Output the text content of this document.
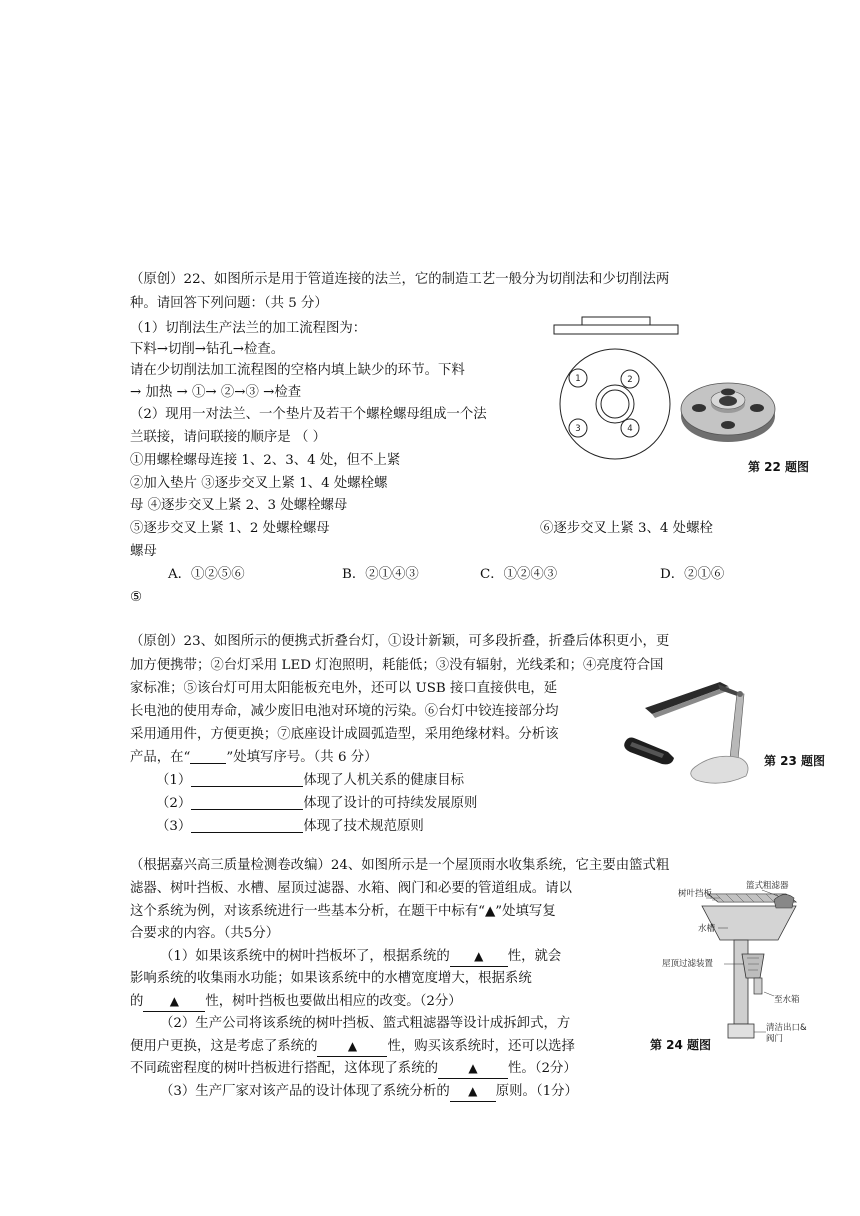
（原创）22、如图所示是用于管道连接的法兰，它的制造工艺一般分为切削法和少切削法两
种。请回答下列问题：（共 5 分）
（1）切削法生产法兰的加工流程图为：
下料→切削→钻孔→检查。
请在少切削法加工流程图的空格内填上缺少的环节。下料
→ 加热 → ①→ ②→③ →检查
（2）现用一对法兰、一个垫片及若干个螺栓螺母组成一个法
兰联接，请问联接的顺序是 （ ）
①用螺栓螺母连接 1、2、3、4 处，但不上紧
②加入垫片 ③逐步交叉上紧 1、4 处螺栓螺
母 ④逐步交叉上紧 2、3 处螺栓螺母
⑤逐步交叉上紧 1、2 处螺栓螺母	⑥逐步交叉上紧 3、4 处螺栓
螺母
A．①②⑤⑥	B．②①④③	C．①②④③	D．②①⑥
⑤
1	2
3	4
第 22 题图
（原创）23、如图所示的便携式折叠台灯，①设计新颖，可多段折叠，折叠后体积更小，更
加方便携带；②台灯采用 LED 灯泡照明，耗能低；③没有辐射，光线柔和；④亮度符合国
家标准；⑤该台灯可用太阳能板充电外，还可以 USB 接口直接供电，延
长电池的使用寿命，减少废旧电池对环境的污染。⑥台灯中铰连接部分均
采用通用件，方便更换；⑦底座设计成圆弧造型，采用绝缘材料。分析该
产品，在“	”处填写序号。（共 6 分）
（1）	体现了人机关系的健康目标
（2）	体现了设计的可持续发展原则
（3）	体现了技术规范原则
第 23 题图
（根据嘉兴高三质量检测卷改编）24、如图所示是一个屋顶雨水收集系统，它主要由篮式粗
滤器、树叶挡板、水槽、屋顶过滤器、水箱、阀门和必要的管道组成。请以
这个系统为例，对该系统进行一些基本分析，在题干中标有“▲”处填写复
合要求的内容。（共5分）
（1）如果该系统中的树叶挡板坏了，根据系统的 ▲ 性，就会
影响系统的收集雨水功能；如果该系统中的水槽宽度增大，根据系统
的 ▲ 性，树叶挡板也要做出相应的改变。（2分）
（2）生产公司将该系统的树叶挡板、篮式粗滤器等设计成拆卸式，方
便用户更换，这是考虑了系统的	▲ 性，购买该系统时，还可以选择
不同疏密程度的树叶挡板进行搭配，这体现了系统的	▲ 性。（2分）
（3）生产厂家对该产品的设计体现了系统分析的 ▲ 原则。（1分）
树叶挡板
篮式粗滤器
水槽
屋顶过滤装置
至水箱
清洁出口&
阀门
第 24 题图
